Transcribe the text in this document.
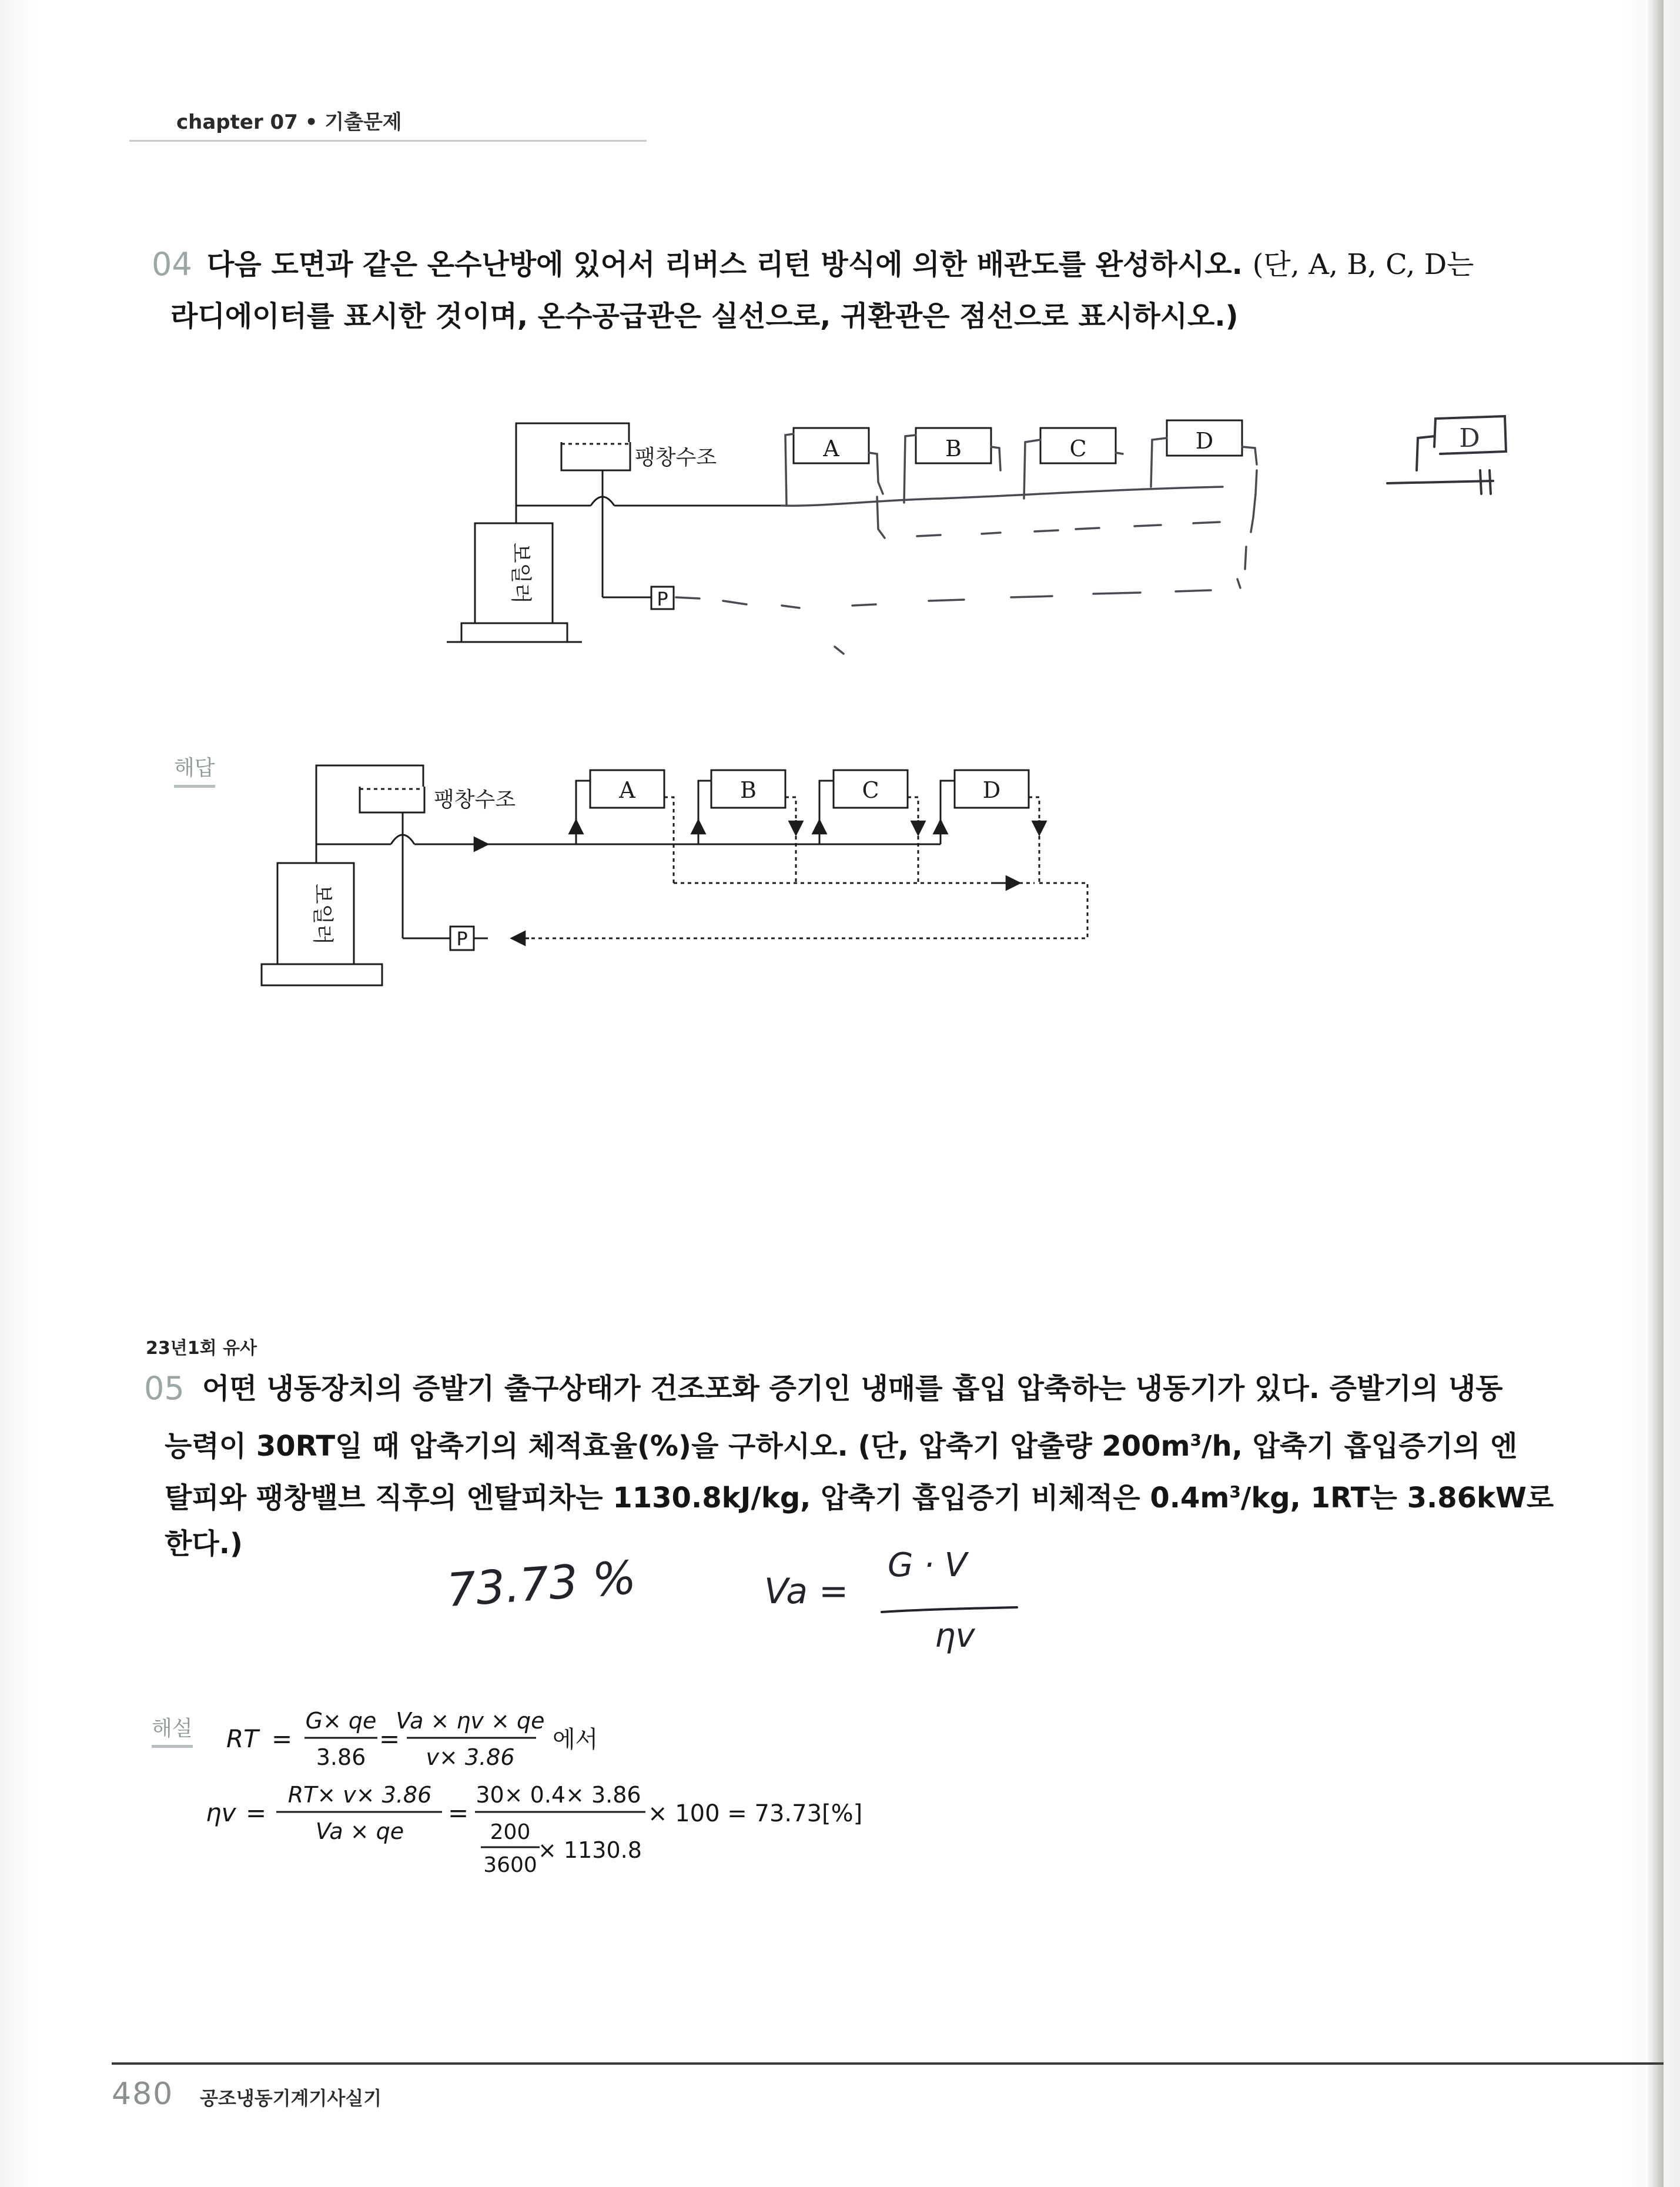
chapter 07 • 기출문제
04 다음 도면과 같은 온수난방에 있어서 리버스 리턴 방식에 의한 배관도를 완성하시오. (단, A, B, C, D는
라디에이터를 표시한 것이며, 온수공급관은 실선으로, 귀환관은 점선으로 표시하시오.)
팽창수조
P
A	B	C	D
보일러
D
해답
팽창수조
P
A	B	C	D
보일러
23년1회 유사
05 어떤 냉동장치의 증발기 출구상태가 건조포화 증기인 냉매를 흡입 압축하는 냉동기가 있다. 증발기의 냉동
능력이 30RT일 때 압축기의 체적효율(%)을 구하시오. (단, 압축기 압출량 $200m^3/h$, 압축기 흡입증기의 엔
탈피와 팽창밸브 직후의 엔탈피차는 1130.8kJ/kg, 압축기 흡입증기 비체적은 $0.4m^3/kg$, 1RT는 3.86kW로
한다.)
73.73 %	Va =
G · V
ηv
해설 RT =
G× qe
3.86
=
Va × ηv × qe
v× 3.86
에서
ηv =
RT× v× 3.86
Va × qe
=
30× 0.4× 3.86
200
3600
× 1130.8
× 100 = 73.73[%]
480 공조냉동기계기사실기
